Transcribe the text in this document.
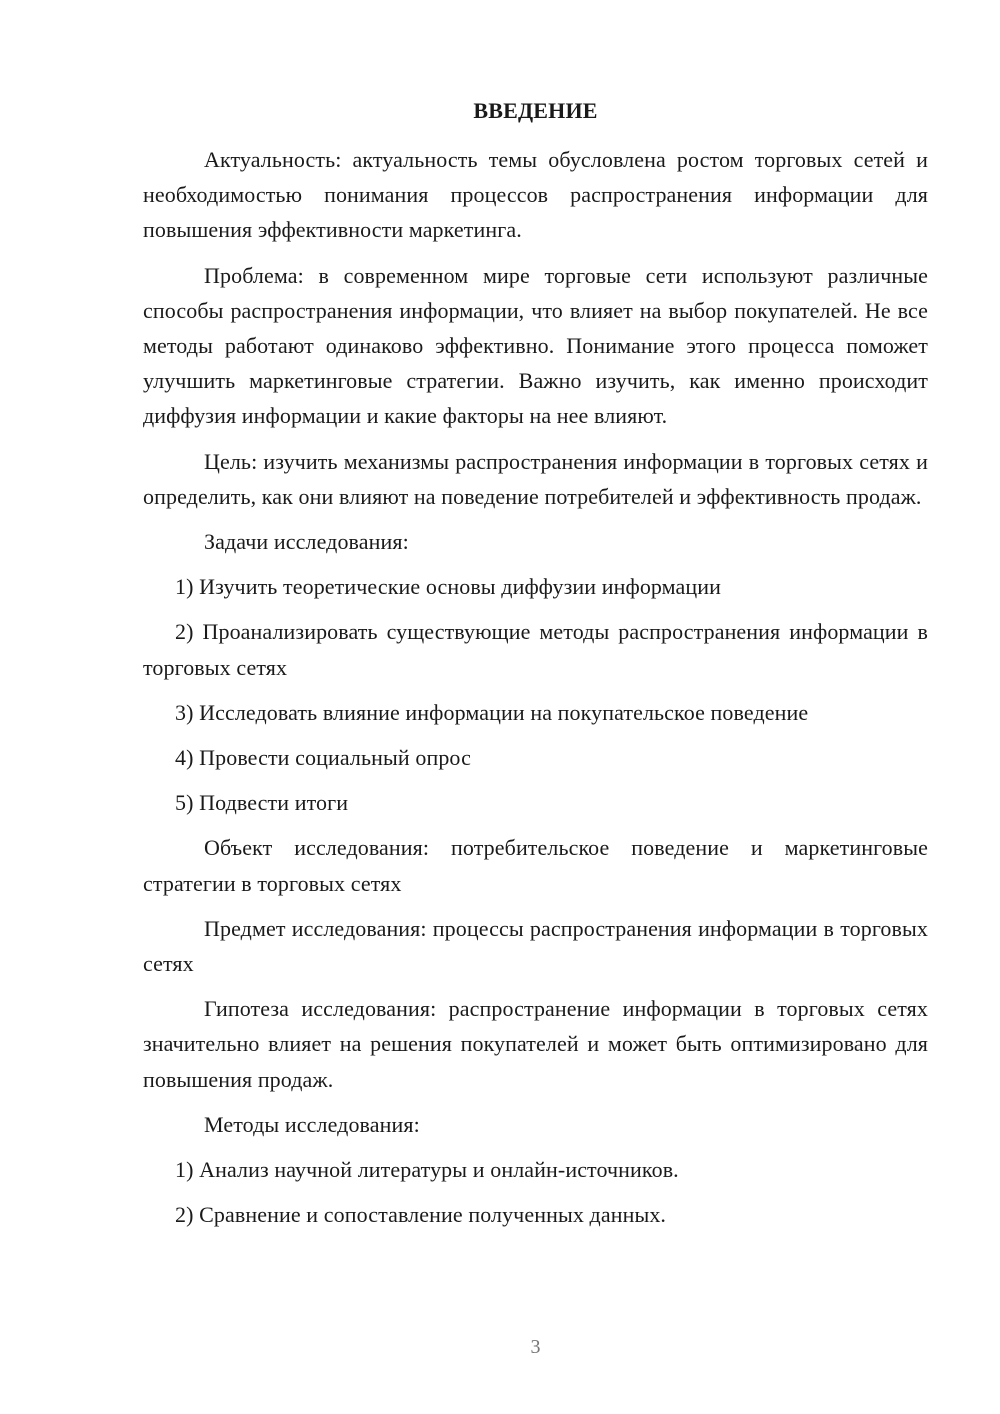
ВВЕДЕНИЕ

Актуальность: актуальность темы обусловлена ростом торговых сетей и необходимостью понимания процессов распространения информации для повышения эффективности маркетинга.

Проблема: в современном мире торговые сети используют различные способы распространения информации, что влияет на выбор покупателей. Не все методы работают одинаково эффективно. Понимание этого процесса поможет улучшить маркетинговые стратегии. Важно изучить, как именно происходит диффузия информации и какие факторы на нее влияют.

Цель: изучить механизмы распространения информации в торговых сетях и определить, как они влияют на поведение потребителей и эффективность продаж.

Задачи исследования:

1) Изучить теоретические основы диффузии информации

2) Проанализировать существующие методы распространения информации в торговых сетях

3) Исследовать влияние информации на покупательское поведение

4) Провести социальный опрос

5) Подвести итоги

Объект исследования: потребительское поведение и маркетинговые стратегии в торговых сетях

Предмет исследования: процессы распространения информации в торговых сетях

Гипотеза исследования: распространение информации в торговых сетях значительно влияет на решения покупателей и может быть оптимизировано для повышения продаж.

Методы исследования:

1) Анализ научной литературы и онлайн-источников.

2) Сравнение и сопоставление полученных данных.

3
